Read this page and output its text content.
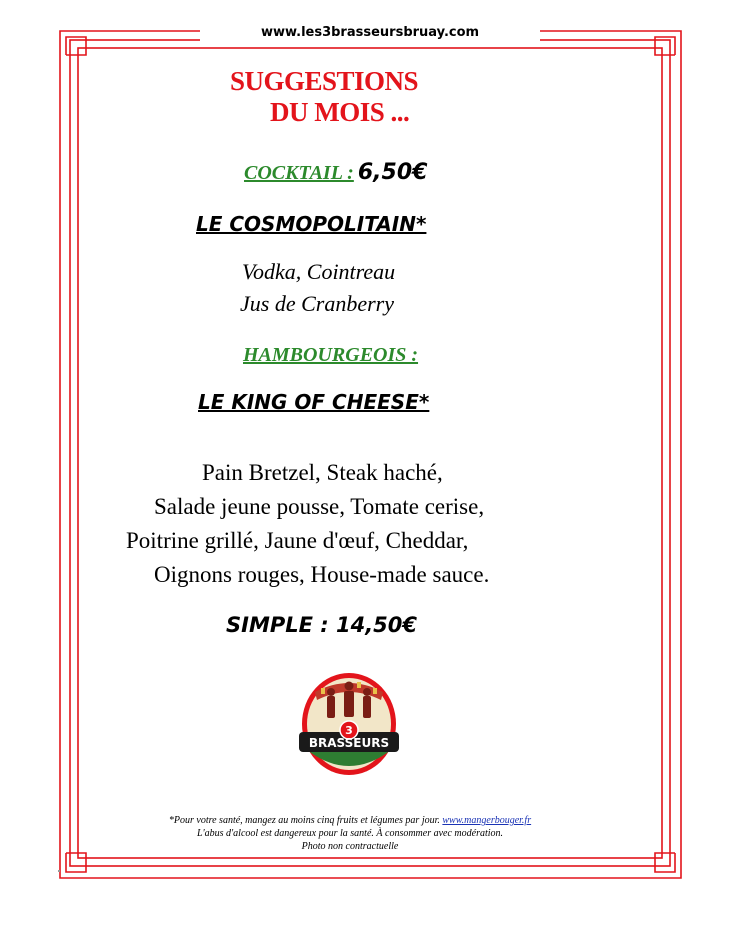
www.les3brasseursbruay.com
SUGGESTIONS
DU MOIS ...
COCKTAIL : 6,50€
LE COSMOPOLITAIN*
Vodka, Cointreau
Jus de Cranberry
HAMBOURGEOIS :
LE KING OF CHEESE*
Pain Bretzel, Steak haché,
Salade jeune pousse, Tomate cerise,
Poitrine grillé, Jaune d'œuf, Cheddar,
Oignons rouges, House-made sauce.
SIMPLE : 14,50€
3
BRASSEURS
*Pour votre santé, mangez au moins cinq fruits et légumes par jour. www.mangerbouger.fr
L'abus d'alcool est dangereux pour la santé. À consommer avec modération.
Photo non contractuelle
